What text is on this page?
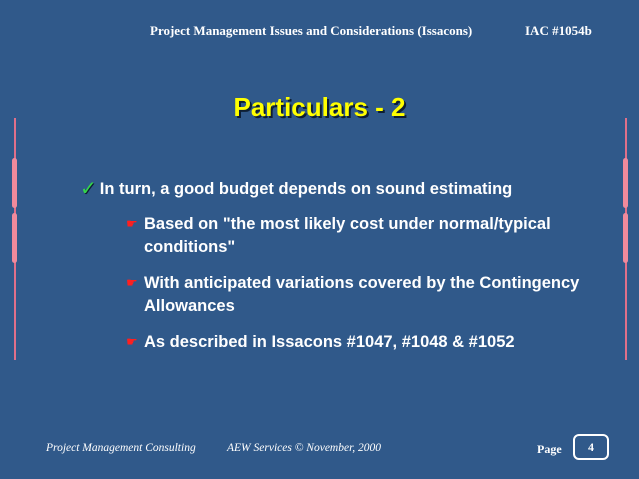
Project Management Issues and Considerations (Issacons)	IAC #1054b
Particulars - 2
✓ In turn, a good budget depends on sound estimating
☛ Based on "the most likely cost under normal/typical conditions"
☛ With anticipated variations covered by the Contingency Allowances
☛ As described in Issacons #1047, #1048 & #1052
Project Management Consulting	AEW Services © November, 2000	Page 4
